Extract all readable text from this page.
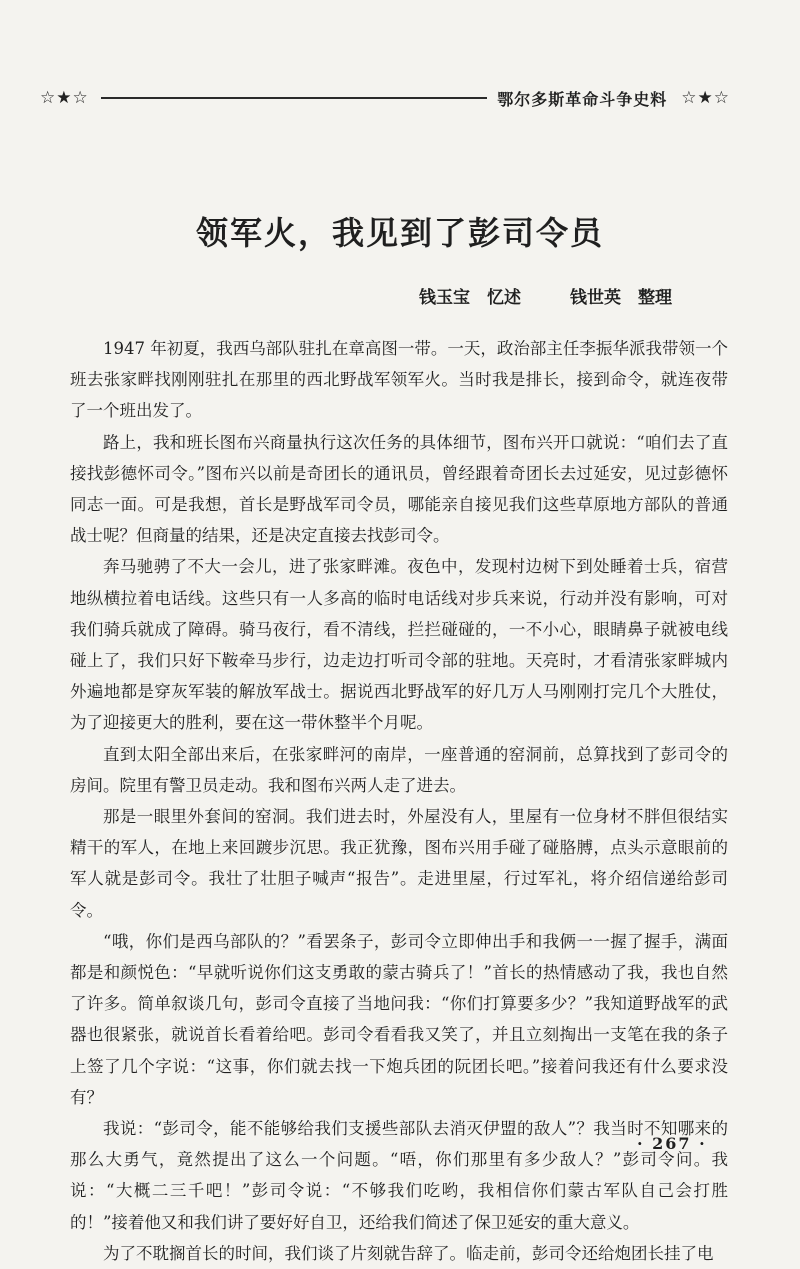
☆★☆	鄂尔多斯革命斗争史料 ☆★☆
领军火，我见到了彭司令员
钱玉宝　忆述	钱世英　整理

1947 年初夏，我西乌部队驻扎在章高图一带。一天，政治部主任李振华派我带领一个班去张家畔找刚刚驻扎在那里的西北野战军领军火。当时我是排长，接到命令，就连夜带了一个班出发了。

路上，我和班长图布兴商量执行这次任务的具体细节，图布兴开口就说：“咱们去了直接找彭德怀司令。”图布兴以前是奇团长的通讯员，曾经跟着奇团长去过延安，见过彭德怀同志一面。可是我想，首长是野战军司令员，哪能亲自接见我们这些草原地方部队的普通战士呢？但商量的结果，还是决定直接去找彭司令。

奔马驰骋了不大一会儿，进了张家畔滩。夜色中，发现村边树下到处睡着士兵，宿营地纵横拉着电话线。这些只有一人多高的临时电话线对步兵来说，行动并没有影响，可对我们骑兵就成了障碍。骑马夜行，看不清线，拦拦碰碰的，一不小心，眼睛鼻子就被电线碰上了，我们只好下鞍牵马步行，边走边打听司令部的驻地。天亮时，才看清张家畔城内外遍地都是穿灰军装的解放军战士。据说西北野战军的好几万人马刚刚打完几个大胜仗，为了迎接更大的胜利，要在这一带休整半个月呢。

直到太阳全部出来后，在张家畔河的南岸，一座普通的窑洞前，总算找到了彭司令的房间。院里有警卫员走动。我和图布兴两人走了进去。

那是一眼里外套间的窑洞。我们进去时，外屋没有人，里屋有一位身材不胖但很结实精干的军人，在地上来回踱步沉思。我正犹豫，图布兴用手碰了碰胳膊，点头示意眼前的军人就是彭司令。我壮了壮胆子喊声“报告”。走进里屋，行过军礼，将介绍信递给彭司令。

“哦，你们是西乌部队的？”看罢条子，彭司令立即伸出手和我俩一一握了握手，满面都是和颜悦色：“早就听说你们这支勇敢的蒙古骑兵了！”首长的热情感动了我，我也自然了许多。简单叙谈几句，彭司令直接了当地问我：“你们打算要多少？”我知道野战军的武器也很紧张，就说首长看着给吧。彭司令看看我又笑了，并且立刻掏出一支笔在我的条子上签了几个字说：“这事，你们就去找一下炮兵团的阮团长吧。”接着问我还有什么要求没有？

我说：“彭司令，能不能够给我们支援些部队去消灭伊盟的敌人”？我当时不知哪来的那么大勇气，竟然提出了这么一个问题。“唔，你们那里有多少敌人？”彭司令问。我说：“大概二三千吧！”彭司令说：“不够我们吃哟，我相信你们蒙古军队自己会打胜的！”接着他又和我们讲了要好好自卫，还给我们简述了保卫延安的重大意义。

为了不耽搁首长的时间，我们谈了片刻就告辞了。临走前，彭司令还给炮团长挂了电

· 267 ·
